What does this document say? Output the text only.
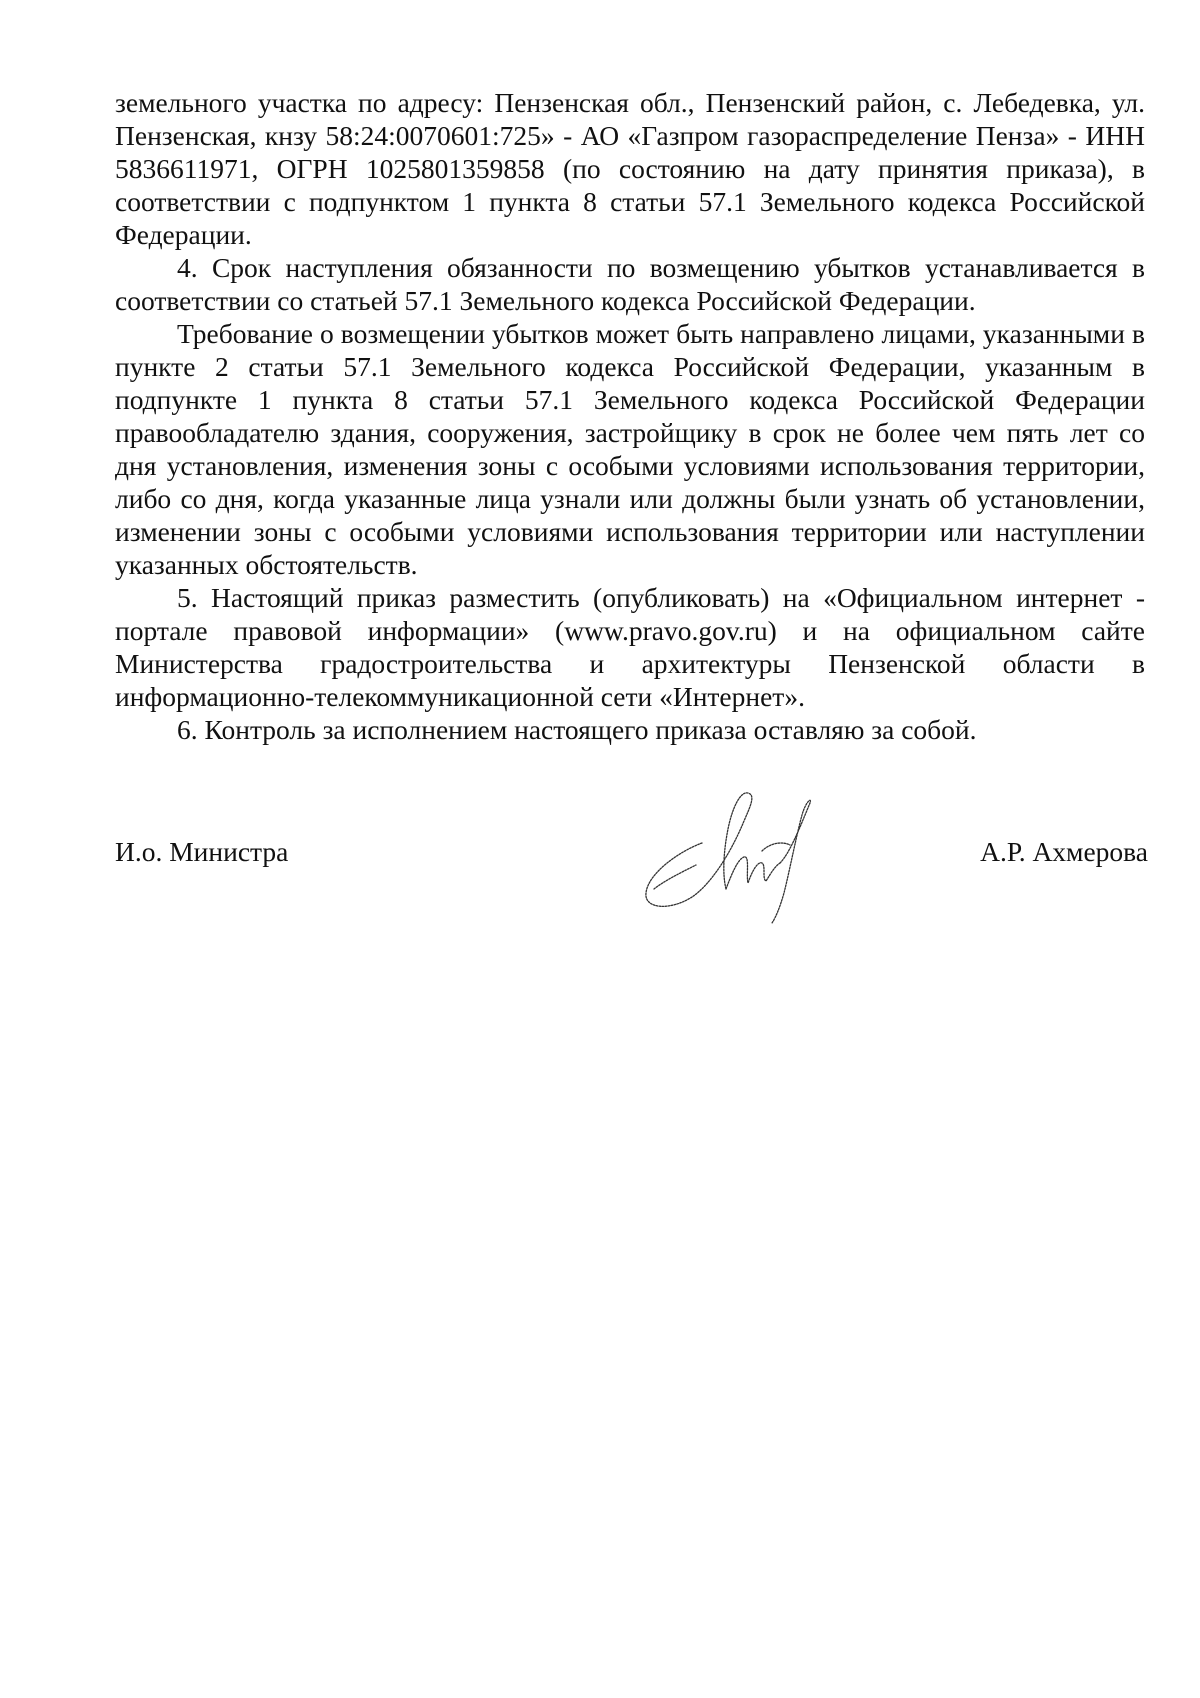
земельного участка по адресу: Пензенская обл., Пензенский район, с. Лебедевка, ул. Пензенская, кнзу 58:24:0070601:725» - АО «Газпром газораспределение Пенза» - ИНН 5836611971, ОГРН 1025801359858 (по состоянию на дату принятия приказа), в соответствии с подпунктом 1 пункта 8 статьи 57.1 Земельного кодекса Российской Федерации.

4. Срок наступления обязанности по возмещению убытков устанавливается в соответствии со статьей 57.1 Земельного кодекса Российской Федерации.

Требование о возмещении убытков может быть направлено лицами, указанными в пункте 2 статьи 57.1 Земельного кодекса Российской Федерации, указанным в подпункте 1 пункта 8 статьи 57.1 Земельного кодекса Российской Федерации правообладателю здания, сооружения, застройщику в срок не более чем пять лет со дня установления, изменения зоны с особыми условиями использования территории, либо со дня, когда указанные лица узнали или должны были узнать об установлении, изменении зоны с особыми условиями использования территории или наступлении указанных обстоятельств.

5. Настоящий приказ разместить (опубликовать) на «Официальном интернет - портале правовой информации» (www.pravo.gov.ru) и на официальном сайте Министерства градостроительства и архитектуры Пензенской области в информационно-телекоммуникационной сети «Интернет».

6. Контроль за исполнением настоящего приказа оставляю за собой.

И.о. Министра	А.Р. Ахмерова
